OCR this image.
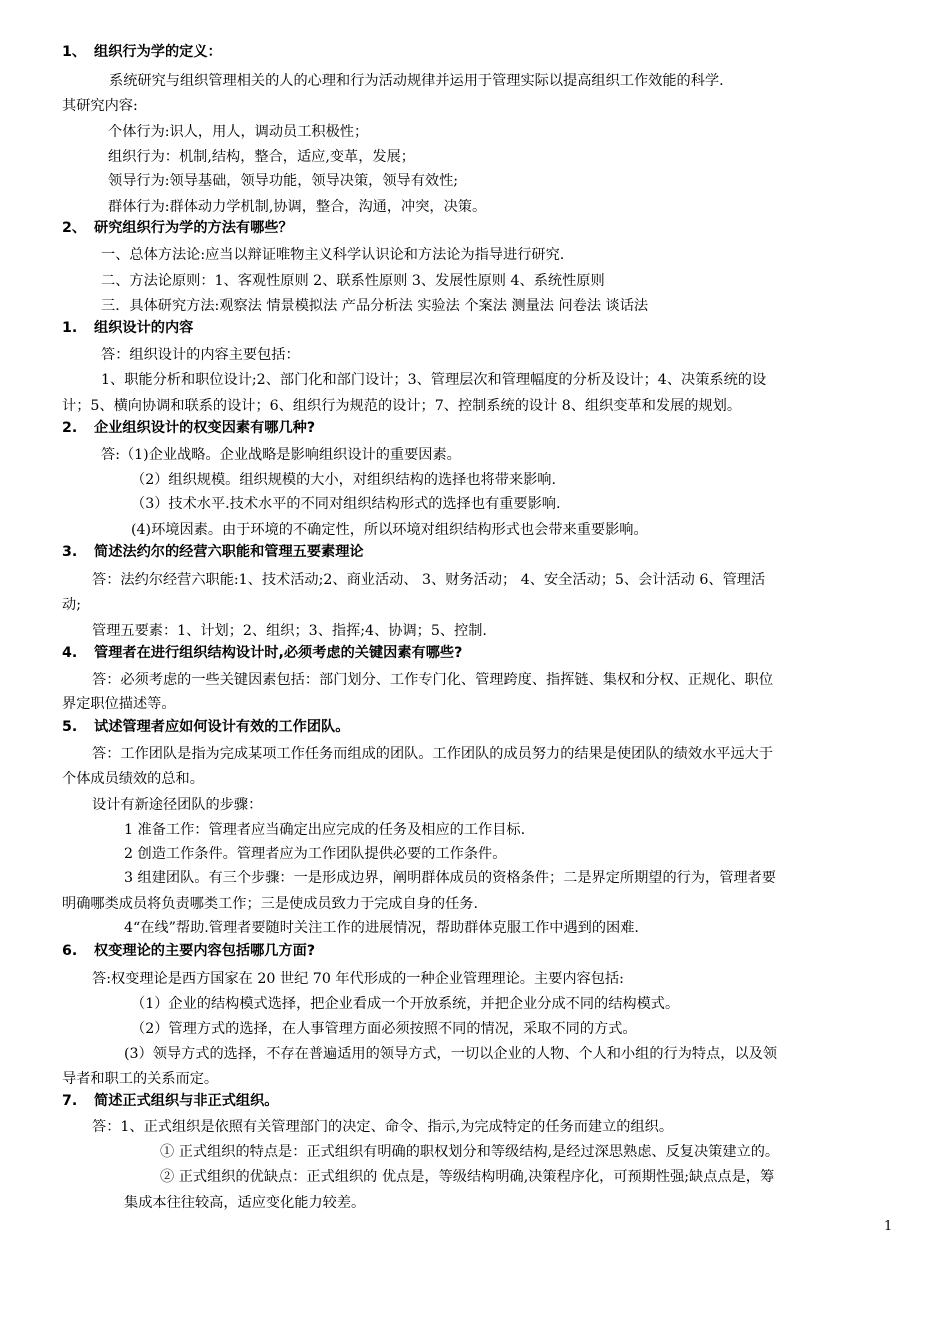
1、 组织行为学的定义：
系统研究与组织管理相关的人的心理和行为活动规律并运用于管理实际以提高组织工作效能的科学.
其研究内容:
个体行为:识人，用人，调动员工积极性；
组织行为：机制,结构，整合，适应,变革，发展；
领导行为:领导基础，领导功能，领导决策，领导有效性;
群体行为:群体动力学机制,协调，整合，沟通，冲突，决策。
2、 研究组织行为学的方法有哪些？
一、总体方法论:应当以辩证唯物主义科学认识论和方法论为指导进行研究.
二、方法论原则：1、客观性原则 2、联系性原则 3、发展性原则 4、系统性原则
三．具体研究方法:观察法 情景模拟法 产品分析法 实验法 个案法 测量法 问卷法 谈话法
1. 组织设计的内容
答：组织设计的内容主要包括：
1、职能分析和职位设计;2、部门化和部门设计；3、管理层次和管理幅度的分析及设计；4、决策系统的设
计；5、横向协调和联系的设计；6、组织行为规范的设计；7、控制系统的设计 8、组织变革和发展的规划。
2. 企业组织设计的权变因素有哪几种?
答:（1)企业战略。企业战略是影响组织设计的重要因素。
（2）组织规模。组织规模的大小，对组织结构的选择也将带来影响.
（3）技术水平.技术水平的不同对组织结构形式的选择也有重要影响.
(4)环境因素。由于环境的不确定性，所以环境对组织结构形式也会带来重要影响。
3. 简述法约尔的经营六职能和管理五要素理论
答：法约尔经营六职能:1、技术活动;2、商业活动、 3、财务活动； 4、安全活动；5、会计活动 6、管理活
动;
管理五要素：1、计划；2、组织；3、指挥;4、协调；5、控制.
4. 管理者在进行组织结构设计时,必须考虑的关键因素有哪些?
答：必须考虑的一些关键因素包括：部门划分、工作专门化、管理跨度、指挥链、集权和分权、正规化、职位
界定职位描述等。
5. 试述管理者应如何设计有效的工作团队。
答：工作团队是指为完成某项工作任务而组成的团队。工作团队的成员努力的结果是使团队的绩效水平远大于
个体成员绩效的总和。
设计有新途径团队的步骤：
1 准备工作：管理者应当确定出应完成的任务及相应的工作目标.
2 创造工作条件。管理者应为工作团队提供必要的工作条件。
3 组建团队。有三个步骤：一是形成边界，阐明群体成员的资格条件；二是界定所期望的行为，管理者要
明确哪类成员将负责哪类工作；三是使成员致力于完成自身的任务.
4“在线”帮助.管理者要随时关注工作的进展情况，帮助群体克服工作中遇到的困难.
6. 权变理论的主要内容包括哪几方面?
答:权变理论是西方国家在 20 世纪 70 年代形成的一种企业管理理论。主要内容包括:
（1）企业的结构模式选择，把企业看成一个开放系统，并把企业分成不同的结构模式。
（2）管理方式的选择，在人事管理方面必须按照不同的情况，采取不同的方式。
(3）领导方式的选择，不存在普遍适用的领导方式，一切以企业的人物、个人和小组的行为特点，以及领
导者和职工的关系而定。
7. 简述正式组织与非正式组织。
答：1、正式组织是依照有关管理部门的决定、命令、指示,为完成特定的任务而建立的组织。
① 正式组织的特点是：正式组织有明确的职权划分和等级结构,是经过深思熟虑、反复决策建立的。
② 正式组织的优缺点：正式组织的 优点是，等级结构明确,决策程序化，可预期性强;缺点点是，筹
集成本往往较高，适应变化能力较差。
1
